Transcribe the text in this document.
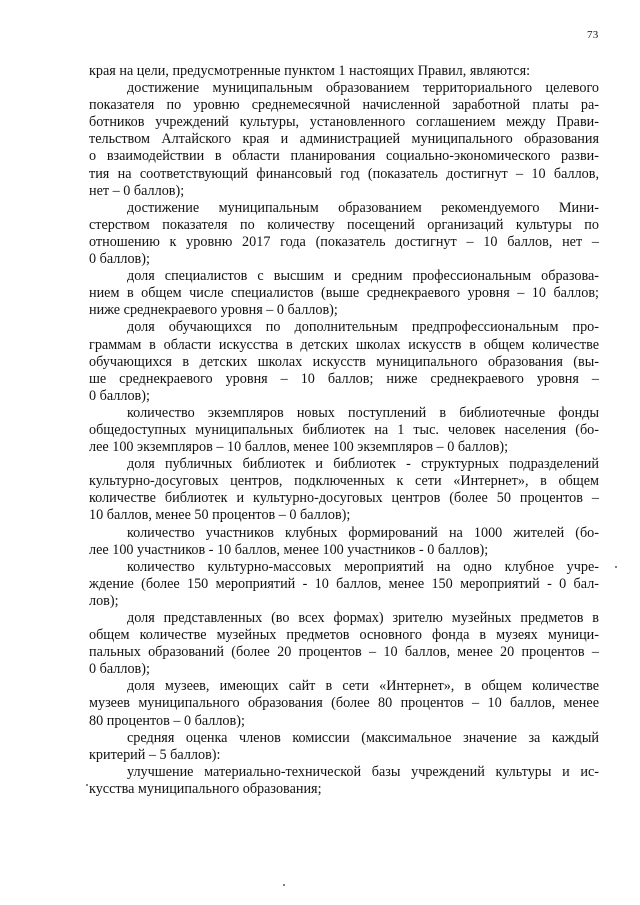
73
края на цели, предусмотренные пунктом 1 настоящих Правил, являются:
достижение муниципальным образованием территориального целевого
показателя по уровню среднемесячной начисленной заработной платы ра-
ботников учреждений культуры, установленного соглашением между Прави-
тельством Алтайского края и администрацией муниципального образования
о взаимодействии в области планирования социально-экономического разви-
тия на соответствующий финансовый год (показатель достигнут – 10 баллов,
нет – 0 баллов);
достижение муниципальным образованием рекомендуемого Мини-
стерством показателя по количеству посещений организаций культуры по
отношению к уровню 2017 года (показатель достигнут – 10 баллов, нет –
0 баллов);
доля специалистов с высшим и средним профессиональным образова-
нием в общем числе специалистов (выше среднекраевого уровня – 10 баллов;
ниже среднекраевого уровня – 0 баллов);
доля обучающихся по дополнительным предпрофессиональным про-
граммам в области искусства в детских школах искусств в общем количестве
обучающихся в детских школах искусств муниципального образования (вы-
ше среднекраевого уровня – 10 баллов; ниже среднекраевого уровня –
0 баллов);
количество экземпляров новых поступлений в библиотечные фонды
общедоступных муниципальных библиотек на 1 тыс. человек населения (бо-
лее 100 экземпляров – 10 баллов, менее 100 экземпляров – 0 баллов);
доля публичных библиотек и библиотек - структурных подразделений
культурно-досуговых центров, подключенных к сети «Интернет», в общем
количестве библиотек и культурно-досуговых центров (более 50 процентов –
10 баллов, менее 50 процентов – 0 баллов);
количество участников клубных формирований на 1000 жителей (бо-
лее 100 участников - 10 баллов, менее 100 участников - 0 баллов);
количество культурно-массовых мероприятий на одно клубное учре-
ждение (более 150 мероприятий - 10 баллов, менее 150 мероприятий - 0 бал-
лов);
доля представленных (во всех формах) зрителю музейных предметов в
общем количестве музейных предметов основного фонда в музеях муници-
пальных образований (более 20 процентов – 10 баллов, менее 20 процентов –
0 баллов);
доля музеев, имеющих сайт в сети «Интернет», в общем количестве
музеев муниципального образования (более 80 процентов – 10 баллов, менее
80 процентов – 0 баллов);
средняя оценка членов комиссии (максимальное значение за каждый
критерий – 5 баллов):
улучшение материально-технической базы учреждений культуры и ис-
кусства муниципального образования;
